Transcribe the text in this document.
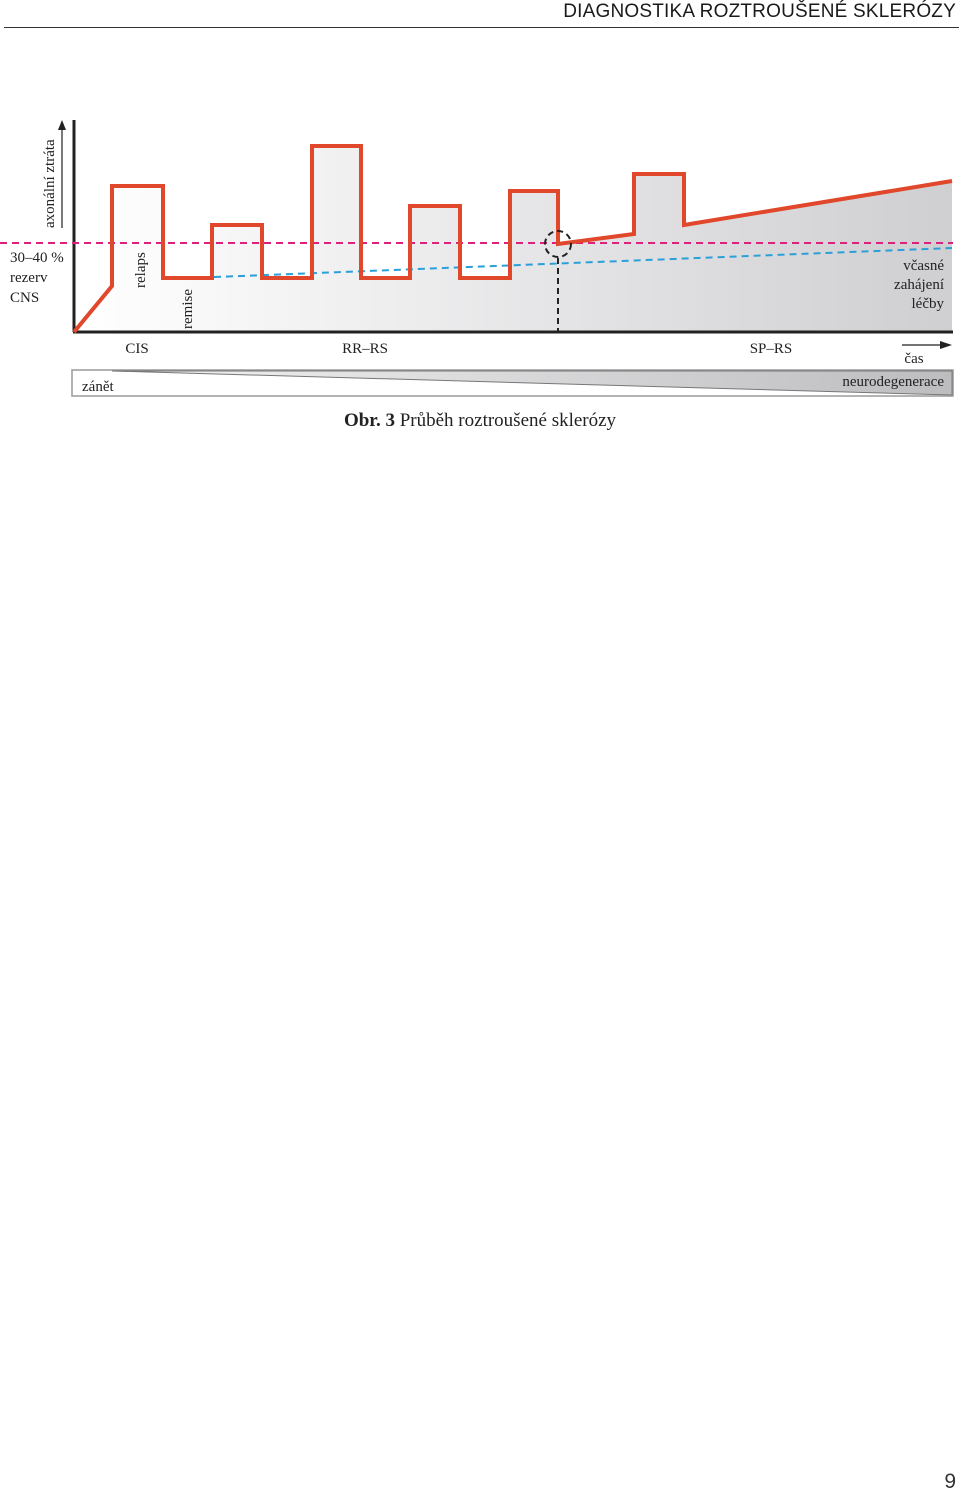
DIAGNOSTIKA ROZTROUŠENÉ SKLERÓZY
axonální ztráta
30–40 %
rezerv
CNS
relaps
remise
včasné
zahájení
léčby
CIS	RR–RS	SP–RS
čas
zánět	neurodegenerace
Obr. 3 Průběh roztroušené sklerózy
9
